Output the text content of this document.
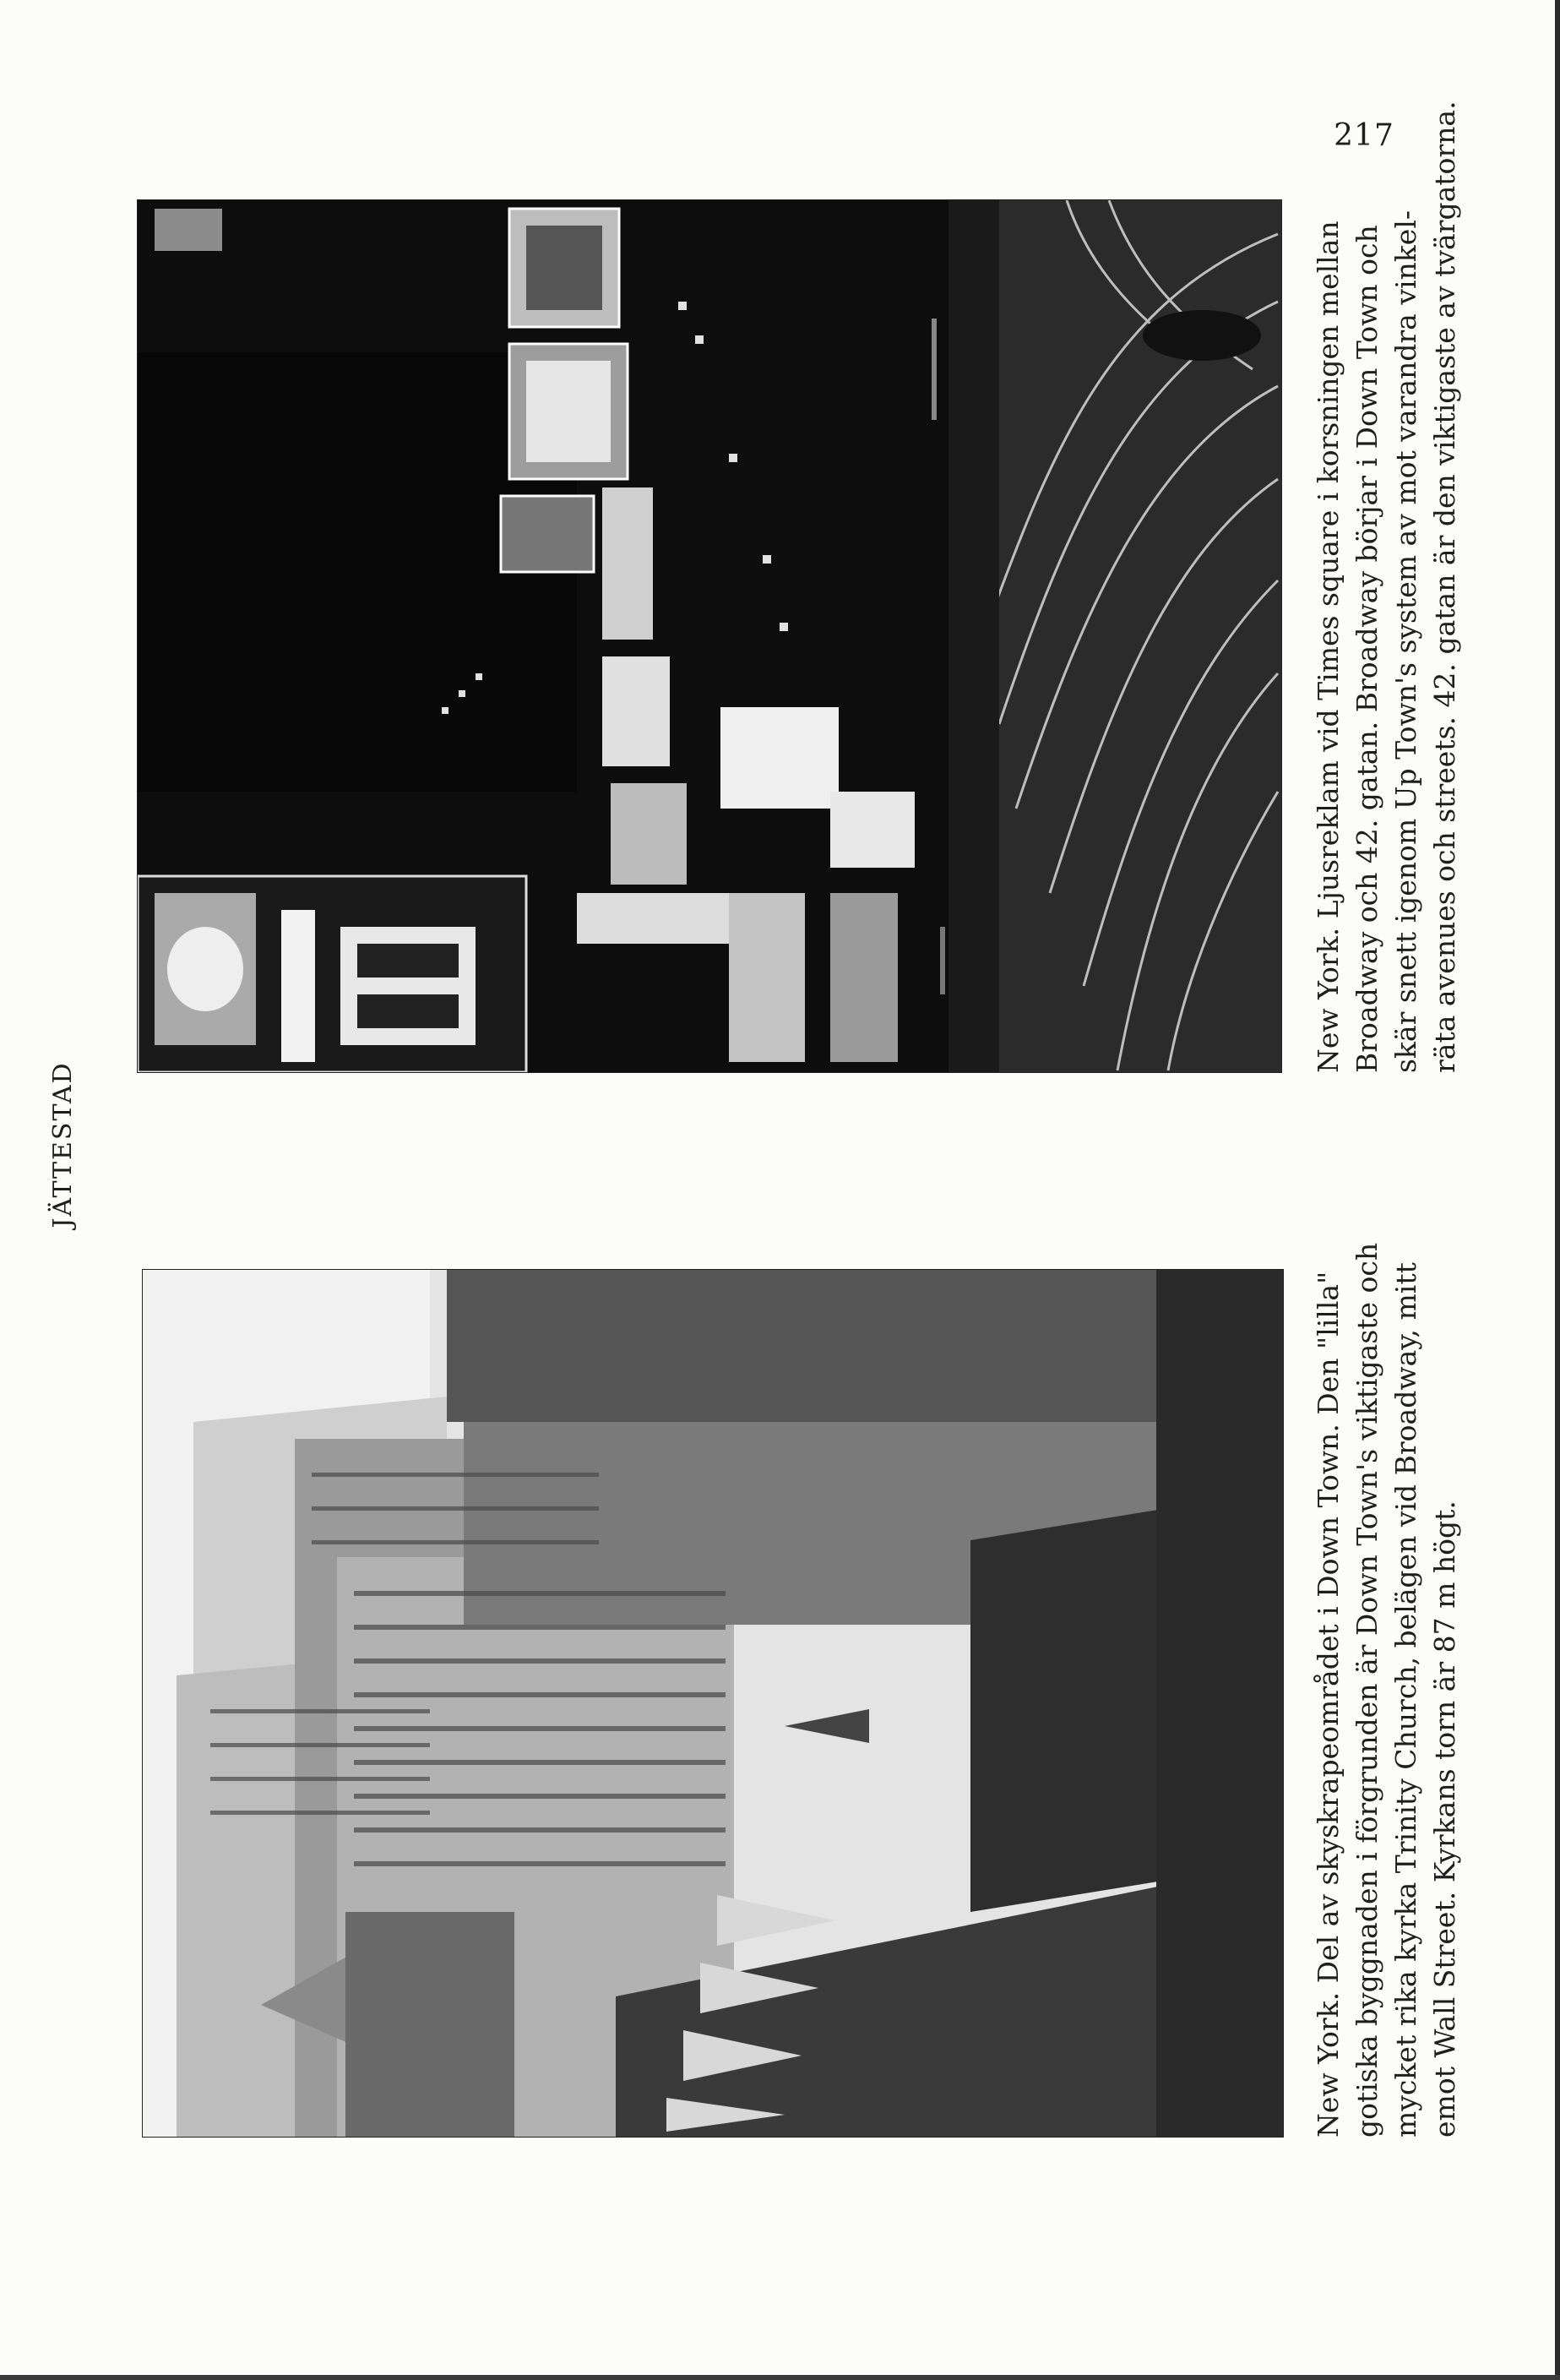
217
JÄTTESTAD
New York. Ljusreklam vid Times square i korsningen mellan Broadway och 42. gatan. Broadway börjar i Down Town och skär snett igenom Up Town's system av mot varandra vinkel- räta avenues och streets. 42. gatan är den viktigaste av tvärgatorna.
New York. Del av skyskrapeområdet i Down Town. Den "lilla" gotiska byggnaden i förgrunden är Down Town's viktigaste och mycket rika kyrka Trinity Church, belägen vid Broadway, mitt emot Wall Street. Kyrkans torn är 87 m högt.
